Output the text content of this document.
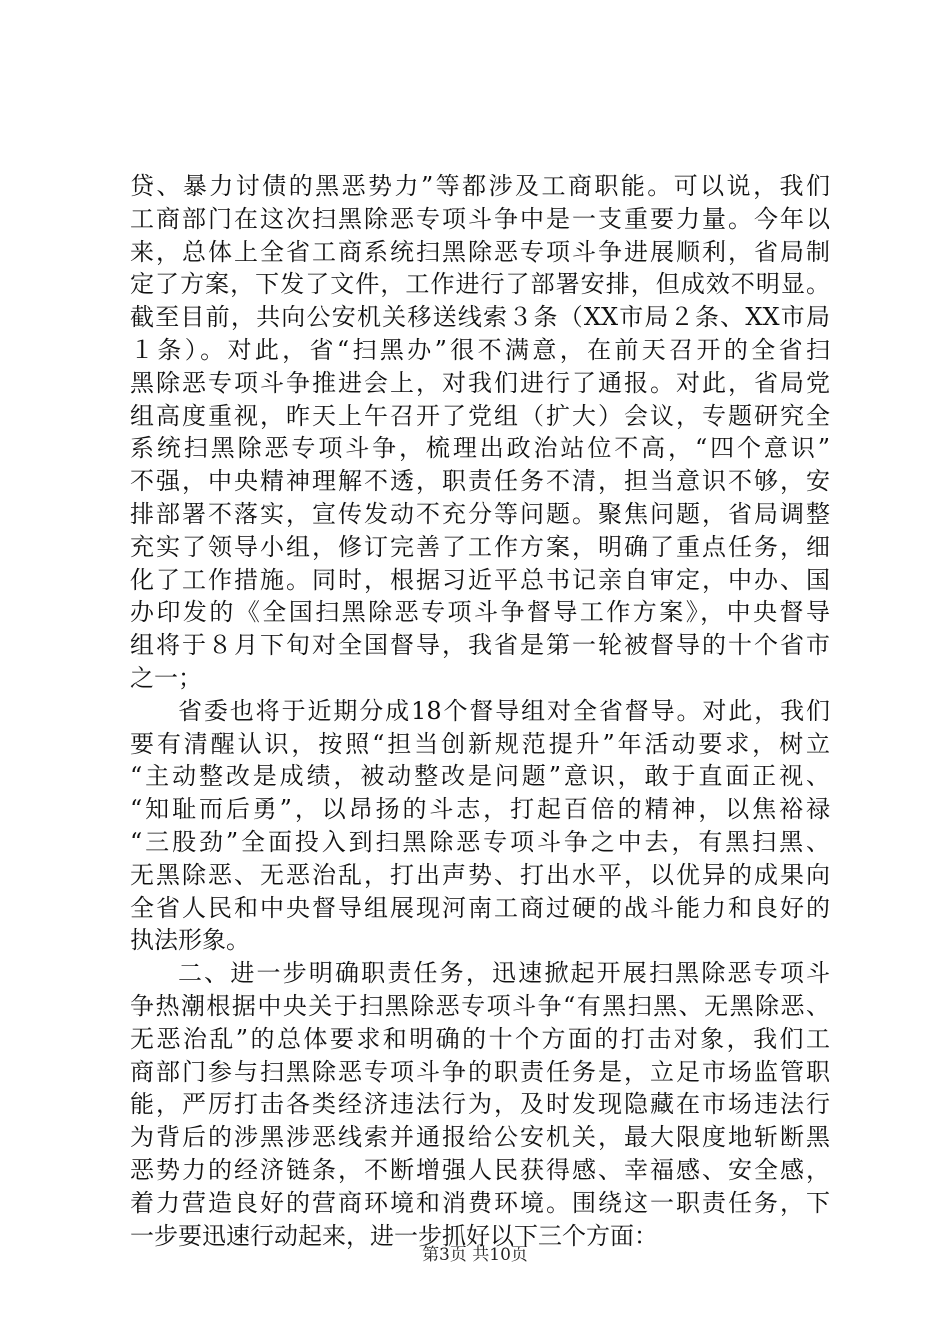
贷、暴力讨债的黑恶势力”等都涉及工商职能。可以说，我们
工商部门在这次扫黑除恶专项斗争中是一支重要力量。今年以
来，总体上全省工商系统扫黑除恶专项斗争进展顺利，省局制
定了方案，下发了文件，工作进行了部署安排，但成效不明显。
截至目前，共向公安机关移送线索３条（XX市局２条、XX市局
１条）。对此，省“扫黑办”很不满意，在前天召开的全省扫
黑除恶专项斗争推进会上，对我们进行了通报。对此，省局党
组高度重视，昨天上午召开了党组（扩大）会议，专题研究全
系统扫黑除恶专项斗争，梳理出政治站位不高，“四个意识”
不强，中央精神理解不透，职责任务不清，担当意识不够，安
排部署不落实，宣传发动不充分等问题。聚焦问题，省局调整
充实了领导小组，修订完善了工作方案，明确了重点任务，细
化了工作措施。同时，根据习近平总书记亲自审定，中办、国
办印发的《全国扫黑除恶专项斗争督导工作方案》，中央督导
组将于８月下旬对全国督导，我省是第一轮被督导的十个省市
之一；
省委也将于近期分成18个督导组对全省督导。对此，我们
要有清醒认识，按照“担当创新规范提升”年活动要求，树立
“主动整改是成绩，被动整改是问题”意识，敢于直面正视、
“知耻而后勇”，以昂扬的斗志，打起百倍的精神，以焦裕禄
“三股劲”全面投入到扫黑除恶专项斗争之中去，有黑扫黑、
无黑除恶、无恶治乱，打出声势、打出水平，以优异的成果向
全省人民和中央督导组展现河南工商过硬的战斗能力和良好的
执法形象。
二、进一步明确职责任务，迅速掀起开展扫黑除恶专项斗
争热潮根据中央关于扫黑除恶专项斗争“有黑扫黑、无黑除恶、
无恶治乱”的总体要求和明确的十个方面的打击对象，我们工
商部门参与扫黑除恶专项斗争的职责任务是，立足市场监管职
能，严厉打击各类经济违法行为，及时发现隐藏在市场违法行
为背后的涉黑涉恶线索并通报给公安机关，最大限度地斩断黑
恶势力的经济链条，不断增强人民获得感、幸福感、安全感，
着力营造良好的营商环境和消费环境。围绕这一职责任务，下
一步要迅速行动起来，进一步抓好以下三个方面：
第3页 共10页
